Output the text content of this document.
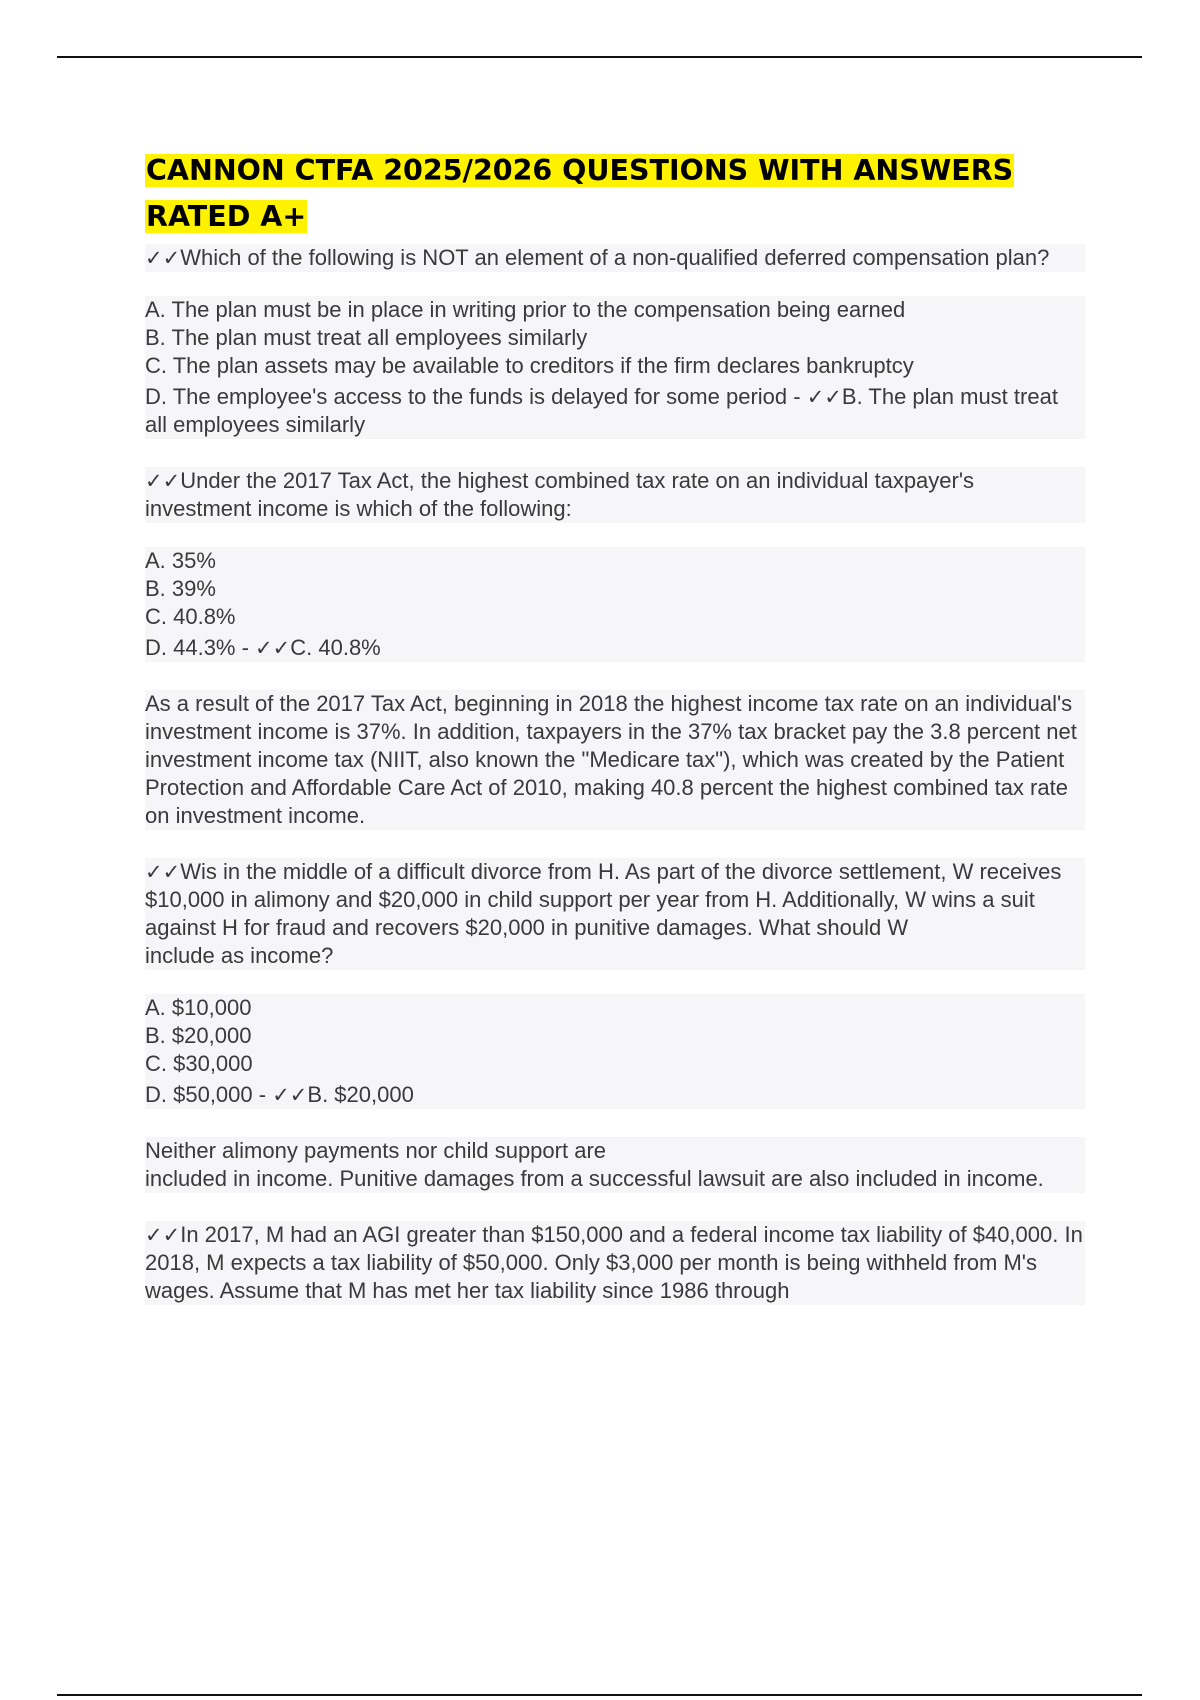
CANNON CTFA 2025/2026 QUESTIONS WITH ANSWERS RATED A+

✓✓Which of the following is NOT an element of a non-qualified deferred compensation plan?

A. The plan must be in place in writing prior to the compensation being earned
B. The plan must treat all employees similarly
C. The plan assets may be available to creditors if the firm declares bankruptcy
D. The employee's access to the funds is delayed for some period - ✓✓B. The plan must treat all employees similarly

✓✓Under the 2017 Tax Act, the highest combined tax rate on an individual taxpayer's investment income is which of the following:

A. 35%
B. 39%
C. 40.8%
D. 44.3% - ✓✓C. 40.8%

As a result of the 2017 Tax Act, beginning in 2018 the highest income tax rate on an individual's investment income is 37%. In addition, taxpayers in the 37% tax bracket pay the 3.8 percent net investment income tax (NIIT, also known the "Medicare tax"), which was created by the Patient Protection and Affordable Care Act of 2010, making 40.8 percent the highest combined tax rate on investment income.

✓✓Wis in the middle of a difficult divorce from H. As part of the divorce settlement, W receives $10,000 in alimony and $20,000 in child support per year from H. Additionally, W wins a suit against H for fraud and recovers $20,000 in punitive damages. What should W
include as income?

A. $10,000
B. $20,000
C. $30,000
D. $50,000 - ✓✓B. $20,000

Neither alimony payments nor child support are
included in income. Punitive damages from a successful lawsuit are also included in income.

✓✓In 2017, M had an AGI greater than $150,000 and a federal income tax liability of $40,000. In 2018, M expects a tax liability of $50,000. Only $3,000 per month is being withheld from M's wages. Assume that M has met her tax liability since 1986 through
